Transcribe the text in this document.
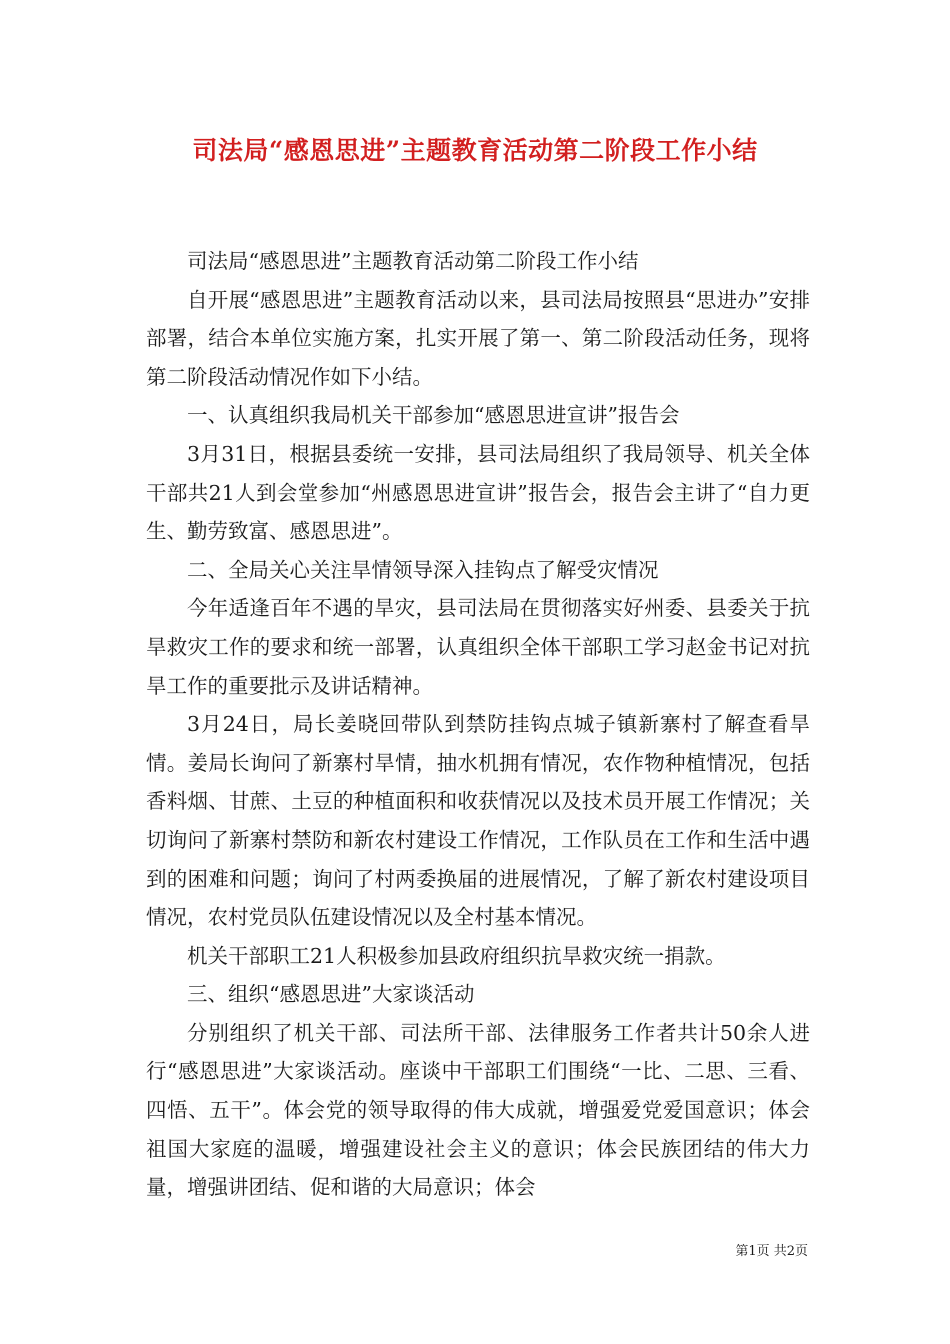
司法局“感恩思进”主题教育活动第二阶段工作小结

司法局“感恩思进”主题教育活动第二阶段工作小结

自开展“感恩思进”主题教育活动以来，县司法局按照县“思进办”安排部署，结合本单位实施方案，扎实开展了第一、第二阶段活动任务，现将第二阶段活动情况作如下小结。

一、认真组织我局机关干部参加“感恩思进宣讲”报告会

3月31日，根据县委统一安排，县司法局组织了我局领导、机关全体干部共21人到会堂参加“州感恩思进宣讲”报告会，报告会主讲了“自力更生、勤劳致富、感恩思进”。

二、全局关心关注旱情领导深入挂钩点了解受灾情况

今年适逢百年不遇的旱灾，县司法局在贯彻落实好州委、县委关于抗旱救灾工作的要求和统一部署，认真组织全体干部职工学习赵金书记对抗旱工作的重要批示及讲话精神。

3月24日，局长姜晓回带队到禁防挂钩点城子镇新寨村了解查看旱情。姜局长询问了新寨村旱情，抽水机拥有情况，农作物种植情况，包括香料烟、甘蔗、土豆的种植面积和收获情况以及技术员开展工作情况；关切询问了新寨村禁防和新农村建设工作情况，工作队员在工作和生活中遇到的困难和问题；询问了村两委换届的进展情况，了解了新农村建设项目情况，农村党员队伍建设情况以及全村基本情况。

机关干部职工21人积极参加县政府组织抗旱救灾统一捐款。

三、组织“感恩思进”大家谈活动

分别组织了机关干部、司法所干部、法律服务工作者共计50余人进行“感恩思进”大家谈活动。座谈中干部职工们围绕“一比、二思、三看、四悟、五干”。体会党的领导取得的伟大成就，增强爱党爱国意识；体会祖国大家庭的温暖，增强建设社会主义的意识；体会民族团结的伟大力量，增强讲团结、促和谐的大局意识；体会

第1页 共2页
